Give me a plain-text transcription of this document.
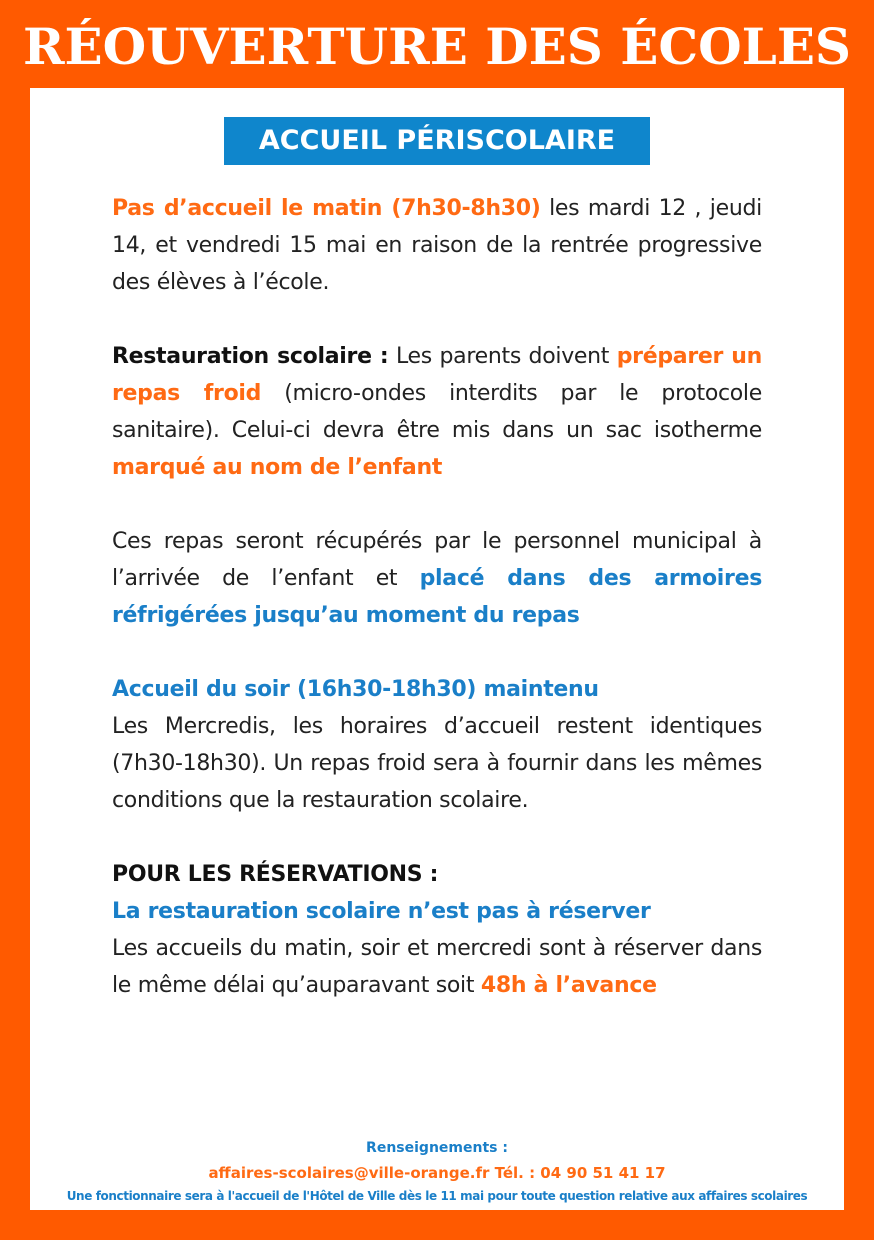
RÉOUVERTURE DES ÉCOLES
ACCUEIL PÉRISCOLAIRE

Pas d’accueil le matin (7h30-8h30) les mardi 12 , jeudi 14, et vendredi 15 mai en raison de la rentrée progressive des élèves à l’école.

Restauration scolaire : Les parents doivent préparer un repas froid (micro-ondes interdits par le protocole sanitaire). Celui-ci devra être mis dans un sac isotherme marqué au nom de l’enfant

Ces repas seront récupérés par le personnel municipal à l’arrivée de l’enfant et placé dans des armoires réfrigérées jusqu’au moment du repas

Accueil du soir (16h30-18h30) maintenu

Les Mercredis, les horaires d’accueil restent identiques (7h30-18h30). Un repas froid sera à fournir dans les mêmes conditions que la restauration scolaire.

POUR LES RÉSERVATIONS :

La restauration scolaire n’est pas à réserver

Les accueils du matin, soir et mercredi sont à réserver dans le même délai qu’auparavant soit 48h à l’avance

Renseignements :
affaires-scolaires@ville-orange.fr Tél. : 04 90 51 41 17
Une fonctionnaire sera à l'accueil de l'Hôtel de Ville dès le 11 mai pour toute question relative aux affaires scolaires
